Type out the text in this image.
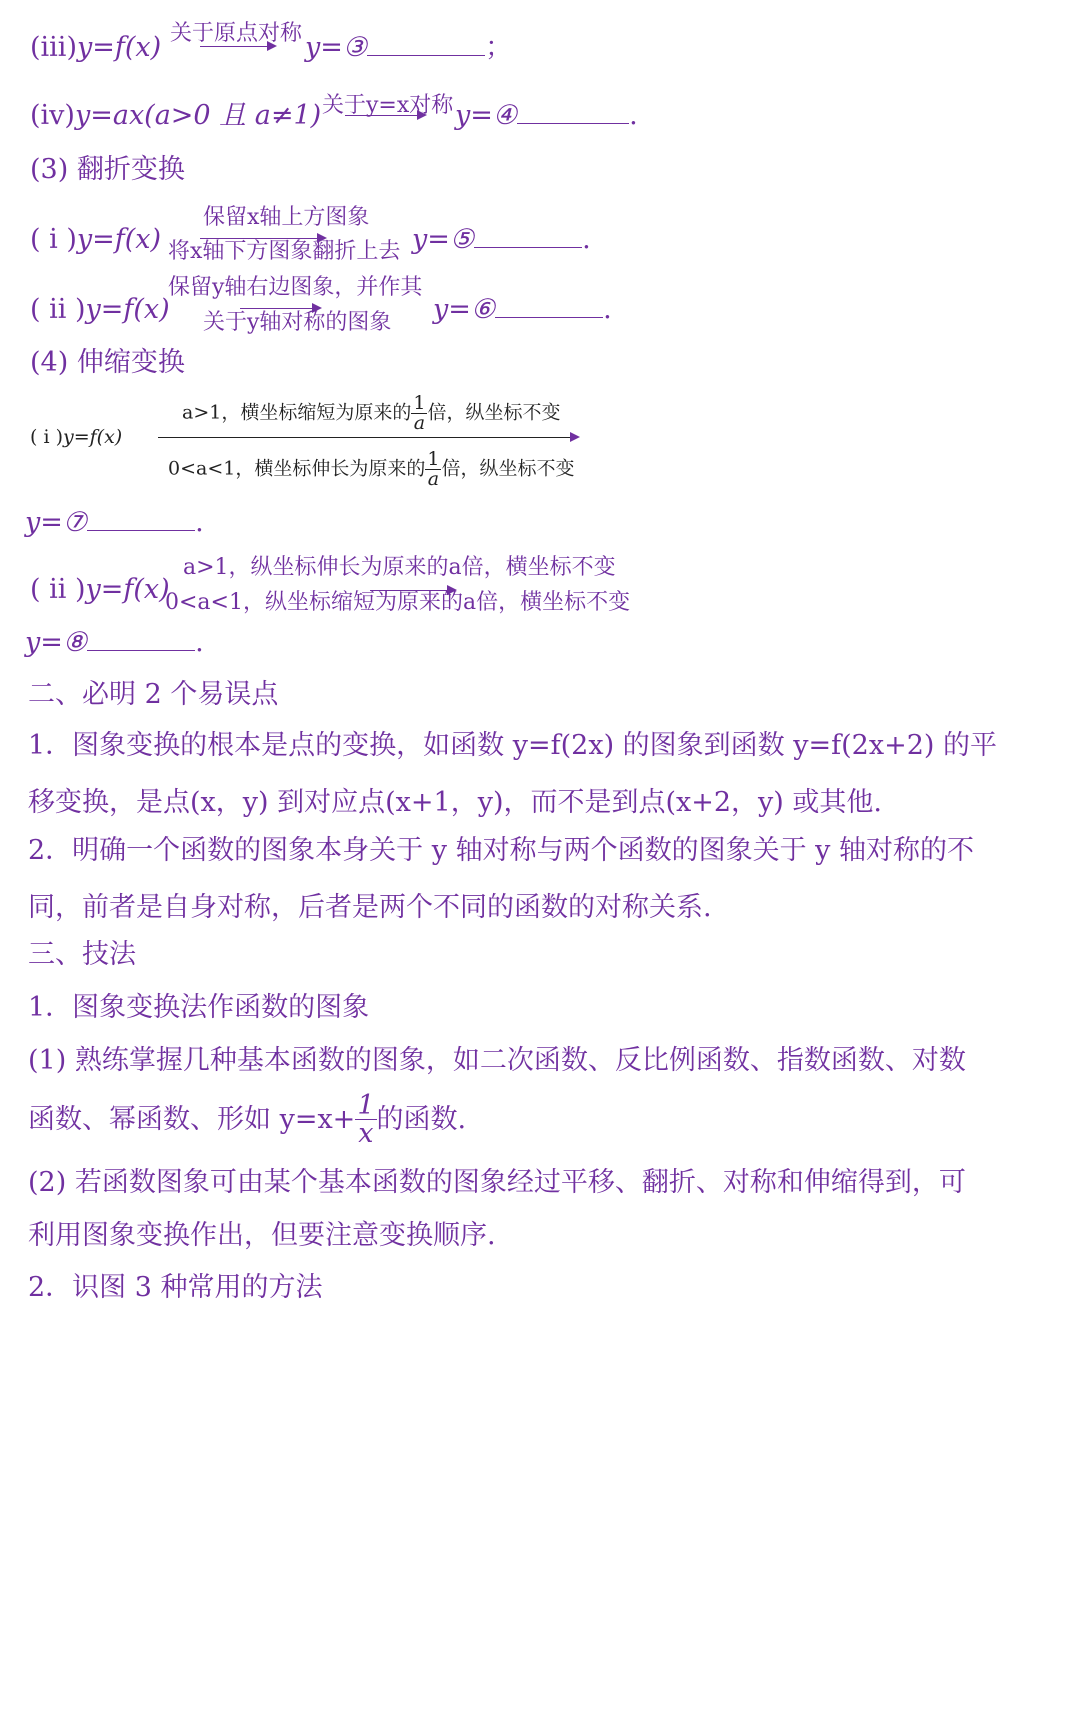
(iii)y=f(x) 关于原点对称 y=③	；
(iv)y=ax(a>0 且 a≠1) 关于y=x对称 y=④	.
(3) 翻折变换
保留x轴上方图象
( i )y=f(x) 将x轴下方图象翻折上去 y=⑤	.
保留y轴右边图象，并作其
( ii )y=f(x) 关于y轴对称的图象 y=⑥	.
(4) 伸缩变换
a>1，横坐标缩短为原来的 $\frac{1}{a}$ 倍，纵坐标不变
( i )y=f(x)
0<a<1，横坐标伸长为原来的 $\frac{1}{a}$ 倍，纵坐标不变
y=⑦	.
a>1，纵坐标伸长为原来的a倍，横坐标不变
( ii )y=f(x)
0<a<1，纵坐标缩短为原来的a倍，横坐标不变
y=⑧	.
二、必明 2 个易误点
1．图象变换的根本是点的变换，如函数 y=f(2x) 的图象到函数 y=f(2x+2) 的平
移变换，是点(x，y) 到对应点(x+1，y)，而不是到点(x+2，y) 或其他.
2．明确一个函数的图象本身关于 y 轴对称与两个函数的图象关于 y 轴对称的不
同，前者是自身对称，后者是两个不同的函数的对称关系.
三、技法
1．图象变换法作函数的图象
(1) 熟练掌握几种基本函数的图象，如二次函数、反比例函数、指数函数、对数
函数、幂函数、形如 $y=x+ \frac{1}{x}$ 的函数.
(2) 若函数图象可由某个基本函数的图象经过平移、翻折、对称和伸缩得到，可
利用图象变换作出，但要注意变换顺序.
2．识图 3 种常用的方法
